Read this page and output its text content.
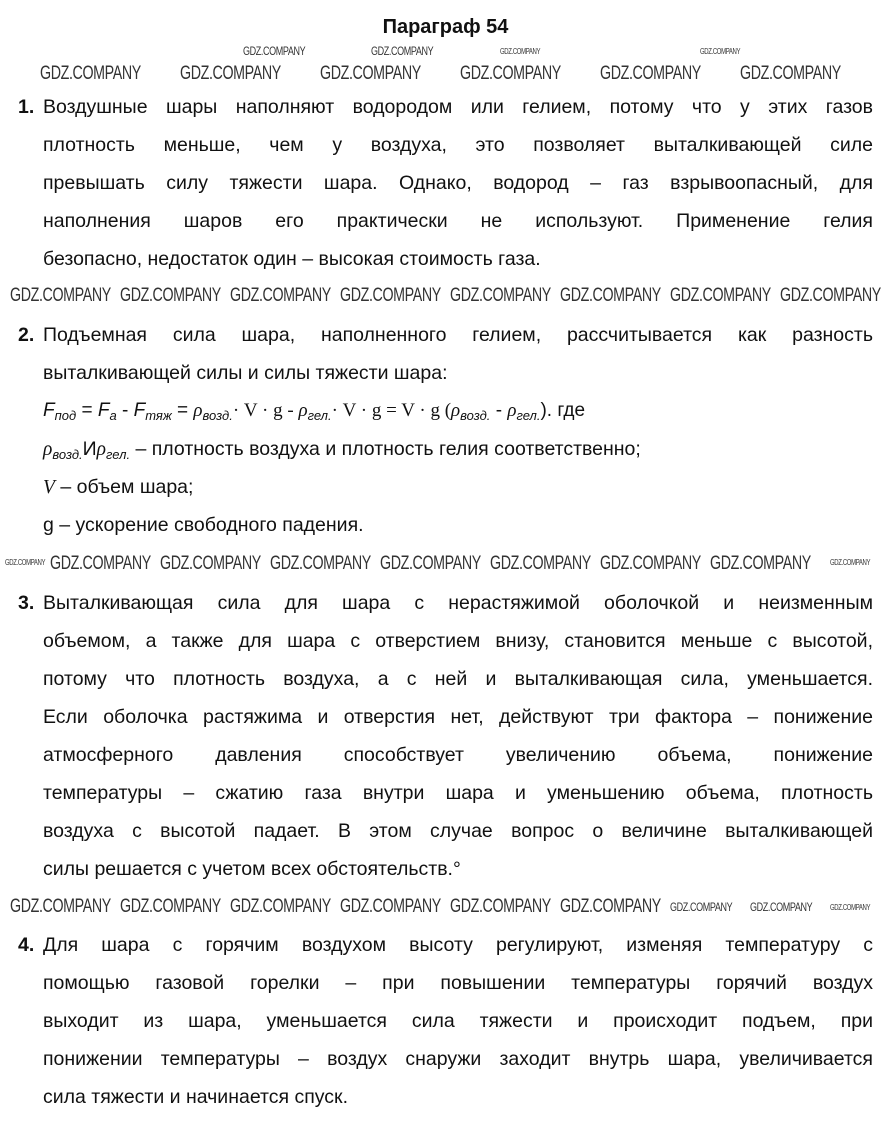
Параграф 54
1. Воздушные шары наполняют водородом или гелием, потому что у этих газов
плотность меньше, чем у воздуха, это позволяет выталкивающей силе
превышать силу тяжести шара. Однако, водород – газ взрывоопасный, для
наполнения шаров его практически не используют. Применение гелия
безопасно, недостаток один – высокая стоимость газа.
2. Подъемная сила шара, наполненного гелием, рассчитывается как разность
выталкивающей силы и силы тяжести шара:
$F_{под} = F_а - F_{тяж} = \rho_{возд.}\cdot V \cdot g - \rho_{гел.}\cdot V \cdot g = V \cdot g$ $(\rho_{возд.} - \rho_{гел.})$. где
$\rho_{возд.}И\rho_{гел.}$ – плотность воздуха и плотность гелия соответственно;
V – объем шара;
g – ускорение свободного падения.
3. Выталкивающая сила для шара с нерастяжимой оболочкой и неизменным
объемом, а также для шара с отверстием внизу, становится меньше с высотой,
потому что плотность воздуха, а с ней и выталкивающая сила, уменьшается.
Если оболочка растяжима и отверстия нет, действуют три фактора – понижение
атмосферного давления способствует увеличению объема, понижение
температуры – сжатию газа внутри шара и уменьшению объема, плотность
воздуха с высотой падает. В этом случае вопрос о величине выталкивающей
силы решается с учетом всех обстоятельств.°
4. Для шара с горячим воздухом высоту регулируют, изменяя температуру с
помощью газовой горелки – при повышении температуры горячий воздух
выходит из шара, уменьшается сила тяжести и происходит подъем, при
понижении температуры – воздух снаружи заходит внутрь шара, увеличивается
сила тяжести и начинается спуск.
GDZ.COMPANY	GDZ.COMPANY	GDZ.COMPANY	GDZ.COMPANY
GDZ.COMPANY GDZ.COMPANY GDZ.COMPANY GDZ.COMPANY GDZ.COMPANY GDZ.COMPANY
GDZ.COMPANY GDZ.COMPANY GDZ.COMPANY GDZ.COMPANY GDZ.COMPANY GDZ.COMPANY GDZ.COMPANY GDZ.COMPANY
GDZ.COMPANY GDZ.COMPANY GDZ.COMPANY GDZ.COMPANY GDZ.COMPANY GDZ.COMPANY GDZ.COMPANY GDZ.COMPANY GDZ.COMPANY
GDZ.COMPANY GDZ.COMPANY GDZ.COMPANY GDZ.COMPANY GDZ.COMPANY GDZ.COMPANY GDZ.COMPANY GDZ.COMPANY GDZ.COMPANY
